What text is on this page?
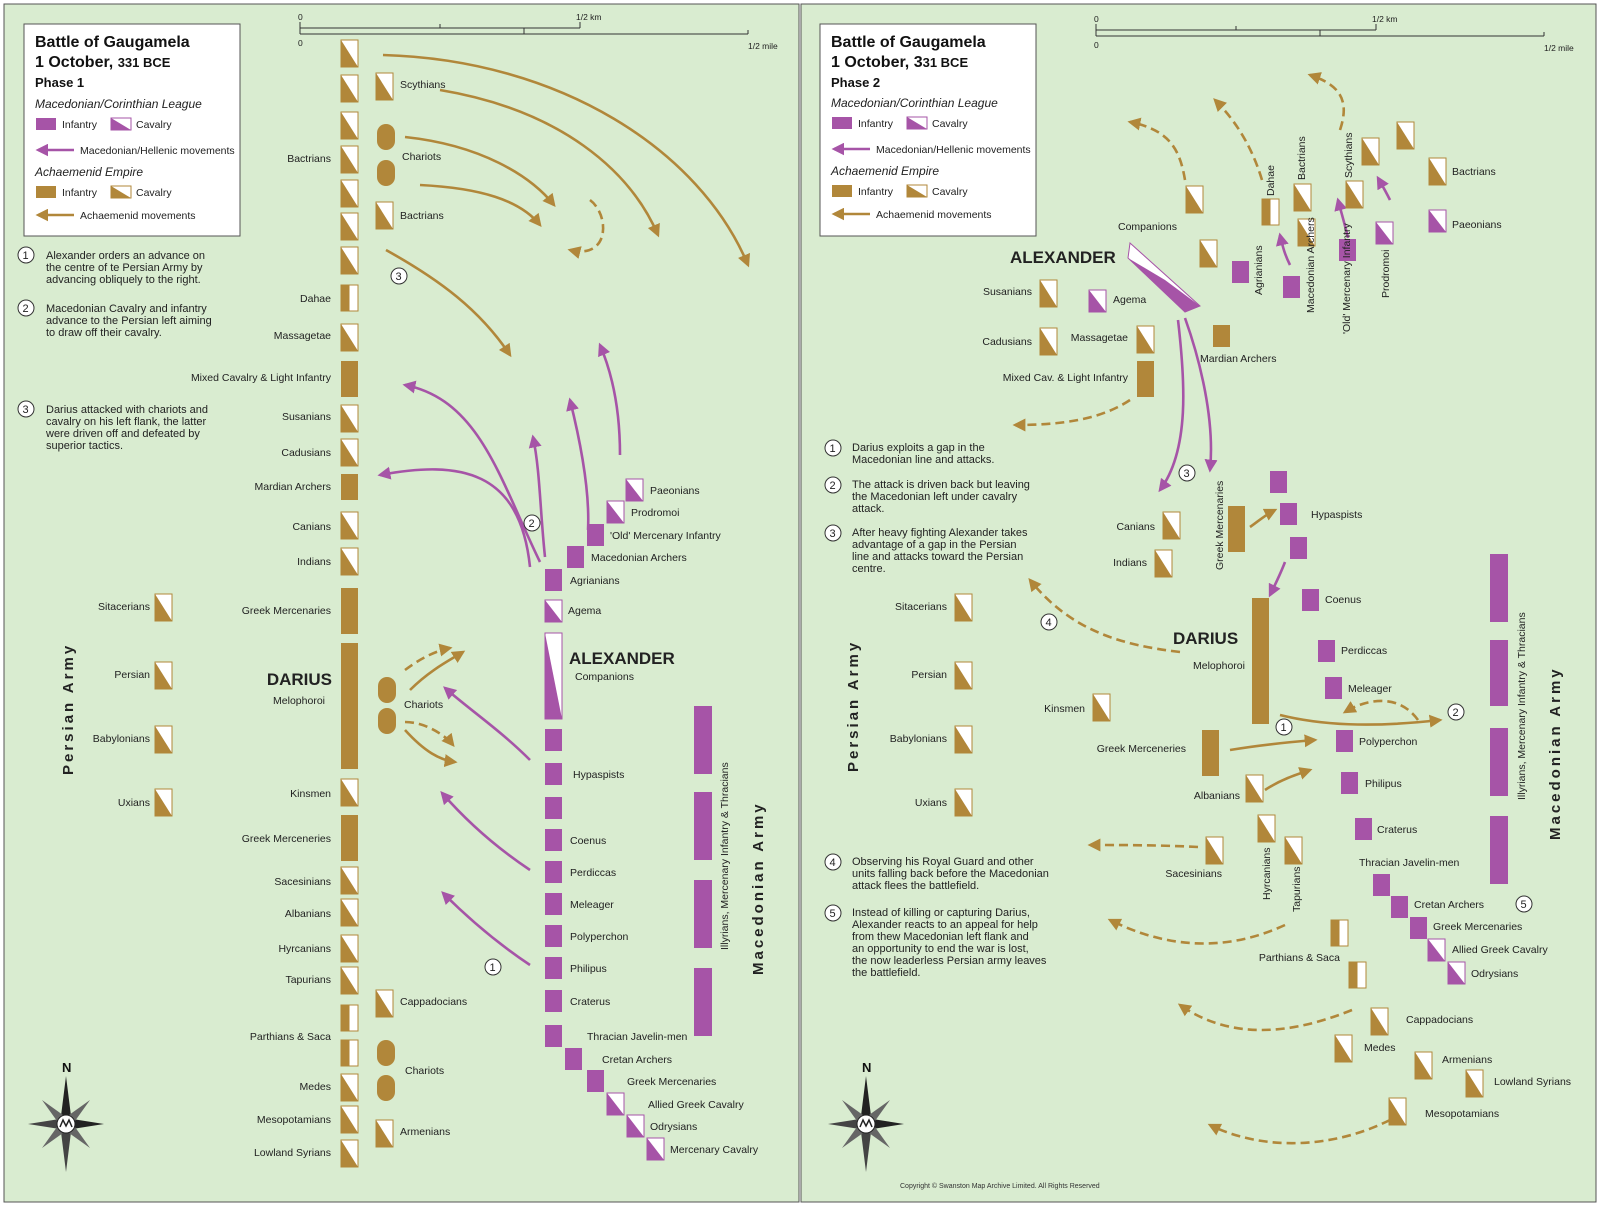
0	1/2 km
0	1/2 mile
Battle of Gaugamela
1 October, 331 BCE
Phase 1
Macedonian/Corinthian League
Infantry	Cavalry
Macedonian/Hellenic movements
Achaemenid Empire
Infantry	Cavalry
Achaemenid movements
1 Alexander orders an advance on
the centre of te Persian Army by
advancing obliquely to the right.
2 Macedonian Cavalry and infantry
advance to the Persian left aiming
to draw off their cavalry.
3 Darius attacked with chariots and
cavalry on his left flank, the latter
were driven off and defeated by
superior tactics.
Persian Army
Macedonian Army
0	1/2 km
0	1/2 mile
Battle of Gaugamela
1 October, 331 BCE
Phase 2
Macedonian/Corinthian League
Infantry	Cavalry
Macedonian/Hellenic movements
Achaemenid Empire
Infantry	Cavalry
Achaemenid movements
1 Darius exploits a gap in the
Macedonian line and attacks.
2 The attack is driven back but leaving
the Macedonian left under cavalry
attack.
3 After heavy fighting Alexander takes
advantage of a gap in the Persian
line and attacks toward the Persian
centre.
4 Observing his Royal Guard and other
units falling back before the Macedonian
attack flees the battlefield.
5 Instead of killing or capturing Darius,
Alexander reacts to an appeal for help
from thew Macedonian left flank and
an opportunity to end the war is lost,
the now leaderless Persian army leaves
the battlefield.
Persian Army	Macedonian Army
Copyright © Swanston Map Archive Limited. All Rights Reserved
Scythians
Chariots
Bactrians
Bactrians
Dahae
Massagetae
Mixed Cavalry & Light Infantry
Susanians
Cadusians
Mardian Archers
Canians
Indians
Greek Mercenaries
DARIUS
Melophoroi	Chariots
Sitacerians
Persian
Babylonians
Uxians
Kinsmen
Greek Merceneries
Sacesinians
Albanians
Hyrcanians
Tapurians
Cappadocians
Parthians & Saca
Chariots
Medes
Mesopotamians
Armenians
Lowland Syrians
Paeonians
Prodromoi
'Old' Mercenary Infantry
Macedonian Archers
Agrianians
Agema
ALEXANDER
Companions
Hypaspists
Coenus
Perdiccas
Meleager
Polyperchon
Philipus
Craterus
Thracian Javelin-men
Cretan Archers
Greek Mercenaries
Allied Greek Cavalry
Odrysians
Mercenary Cavalry
Illyrians, Mercenary Infantry & Thracians
1
2
3
N
Dahae
Bactrians	Scythians	Bactrians
Paeonians
Prodromoi
'Old' Mercenary Infantry
Macedonian Archers
Agrianians
Companions
ALEXANDER
Susanians
Agema
Cadusians	Massagetae
Mardian Archers
Mixed Cav. & Light Infantry
Canians
Indians	Greek Mercenaries	Hypaspists
Coenus
Sitacerians
DARIUS
Melophoroi
Perdiccas
Persian
Meleager
Kinsmen
Polyperchon
Babylonians
Greek Merceneries
Albanians
Philipus
Uxians
Craterus
Sacesinians	Hyrcanians Tapurians
Thracian Javelin-men
Cretan Archers
Greek Mercenaries
Allied Greek Cavalry
Parthians & Saca
Odrysians
Cappadocians
Medes
Armenians
Lowland Syrians
Mesopotamians
Illyrians, Mercenary Infantry & Thracians
1
2
3
4
5
N
